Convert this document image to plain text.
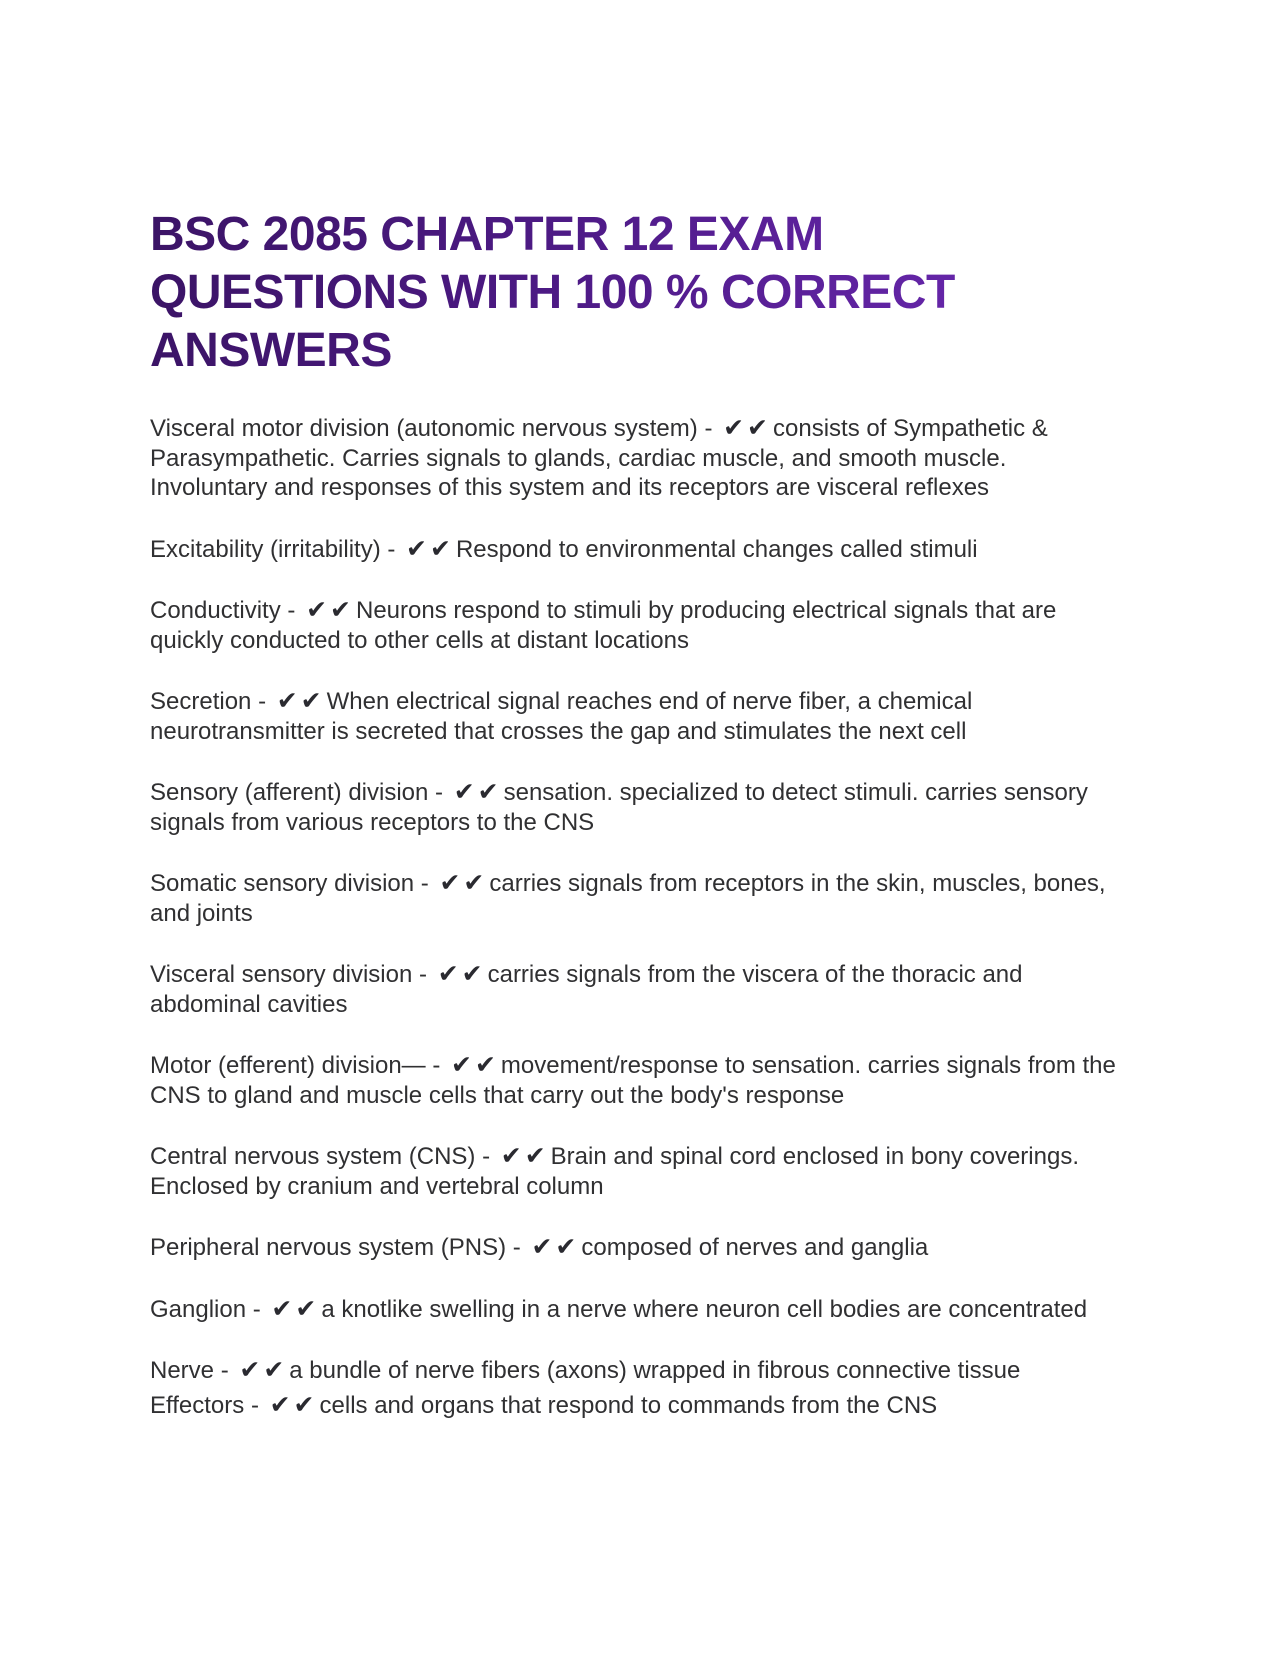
BSC 2085 CHAPTER 12 EXAM QUESTIONS WITH 100 % CORRECT ANSWERS

Visceral motor division (autonomic nervous system) - ✔✔consists of Sympathetic & Parasympathetic. Carries signals to glands, cardiac muscle, and smooth muscle. Involuntary and responses of this system and its receptors are visceral reflexes

Excitability (irritability) - ✔✔Respond to environmental changes called stimuli

Conductivity - ✔✔Neurons respond to stimuli by producing electrical signals that are quickly conducted to other cells at distant locations

Secretion - ✔✔When electrical signal reaches end of nerve fiber, a chemical neurotransmitter is secreted that crosses the gap and stimulates the next cell

Sensory (afferent) division - ✔✔sensation. specialized to detect stimuli. carries sensory signals from various receptors to the CNS

Somatic sensory division - ✔✔carries signals from receptors in the skin, muscles, bones, and joints

Visceral sensory division - ✔✔carries signals from the viscera of the thoracic and abdominal cavities

Motor (efferent) division— - ✔✔movement/response to sensation. carries signals from the CNS to gland and muscle cells that carry out the body's response

Central nervous system (CNS) - ✔✔Brain and spinal cord enclosed in bony coverings. Enclosed by cranium and vertebral column

Peripheral nervous system (PNS) - ✔✔composed of nerves and ganglia

Ganglion - ✔✔a knotlike swelling in a nerve where neuron cell bodies are concentrated

Nerve - ✔✔a bundle of nerve fibers (axons) wrapped in fibrous connective tissue

Effectors - ✔✔cells and organs that respond to commands from the CNS
